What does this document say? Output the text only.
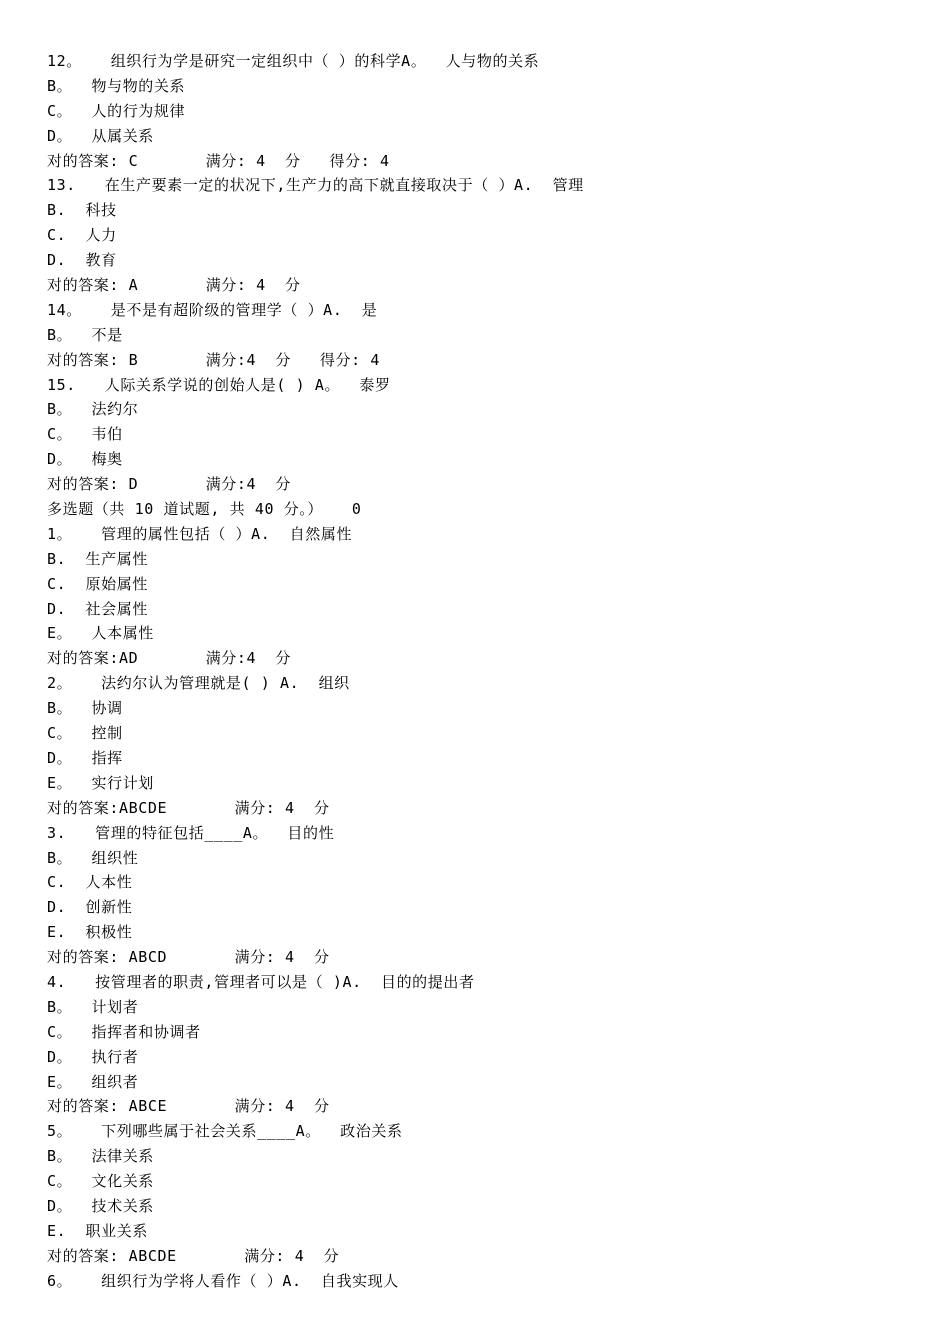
12。   组织行为学是研究一定组织中（ ）的科学A。  人与物的关系
B。  物与物的关系
C。  人的行为规律
D。  从属关系
对的答案: C       满分: 4  分   得分: 4
13.   在生产要素一定的状况下,生产力的高下就直接取决于（ ）A.  管理
B.  科技
C.  人力
D.  教育
对的答案: A       满分: 4  分
14。   是不是有超阶级的管理学（ ）A.  是
B。  不是
对的答案: B       满分:4  分   得分: 4
15.   人际关系学说的创始人是( ) A。  泰罗
B。  法约尔
C。  韦伯
D。  梅奥
对的答案: D       满分:4  分
多选题（共 10 道试题, 共 40 分。）   0
1。   管理的属性包括（ ）A.  自然属性
B.  生产属性
C.  原始属性
D.  社会属性
E。  人本属性
对的答案:AD       满分:4  分
2。   法约尔认为管理就是( ) A.  组织
B。  协调
C。  控制
D。  指挥
E。  实行计划
对的答案:ABCDE       满分: 4  分
3.   管理的特征包括____A。  目的性
B。  组织性
C.  人本性
D.  创新性
E.  积极性
对的答案: ABCD       满分: 4  分
4.   按管理者的职责,管理者可以是（ )A.  目的的提出者
B。  计划者
C。  指挥者和协调者
D。  执行者
E。  组织者
对的答案: ABCE       满分: 4  分
5。   下列哪些属于社会关系____A。  政治关系
B。  法律关系
C。  文化关系
D。  技术关系
E.  职业关系
对的答案: ABCDE       满分: 4  分
6。   组织行为学将人看作（ ）A.  自我实现人
